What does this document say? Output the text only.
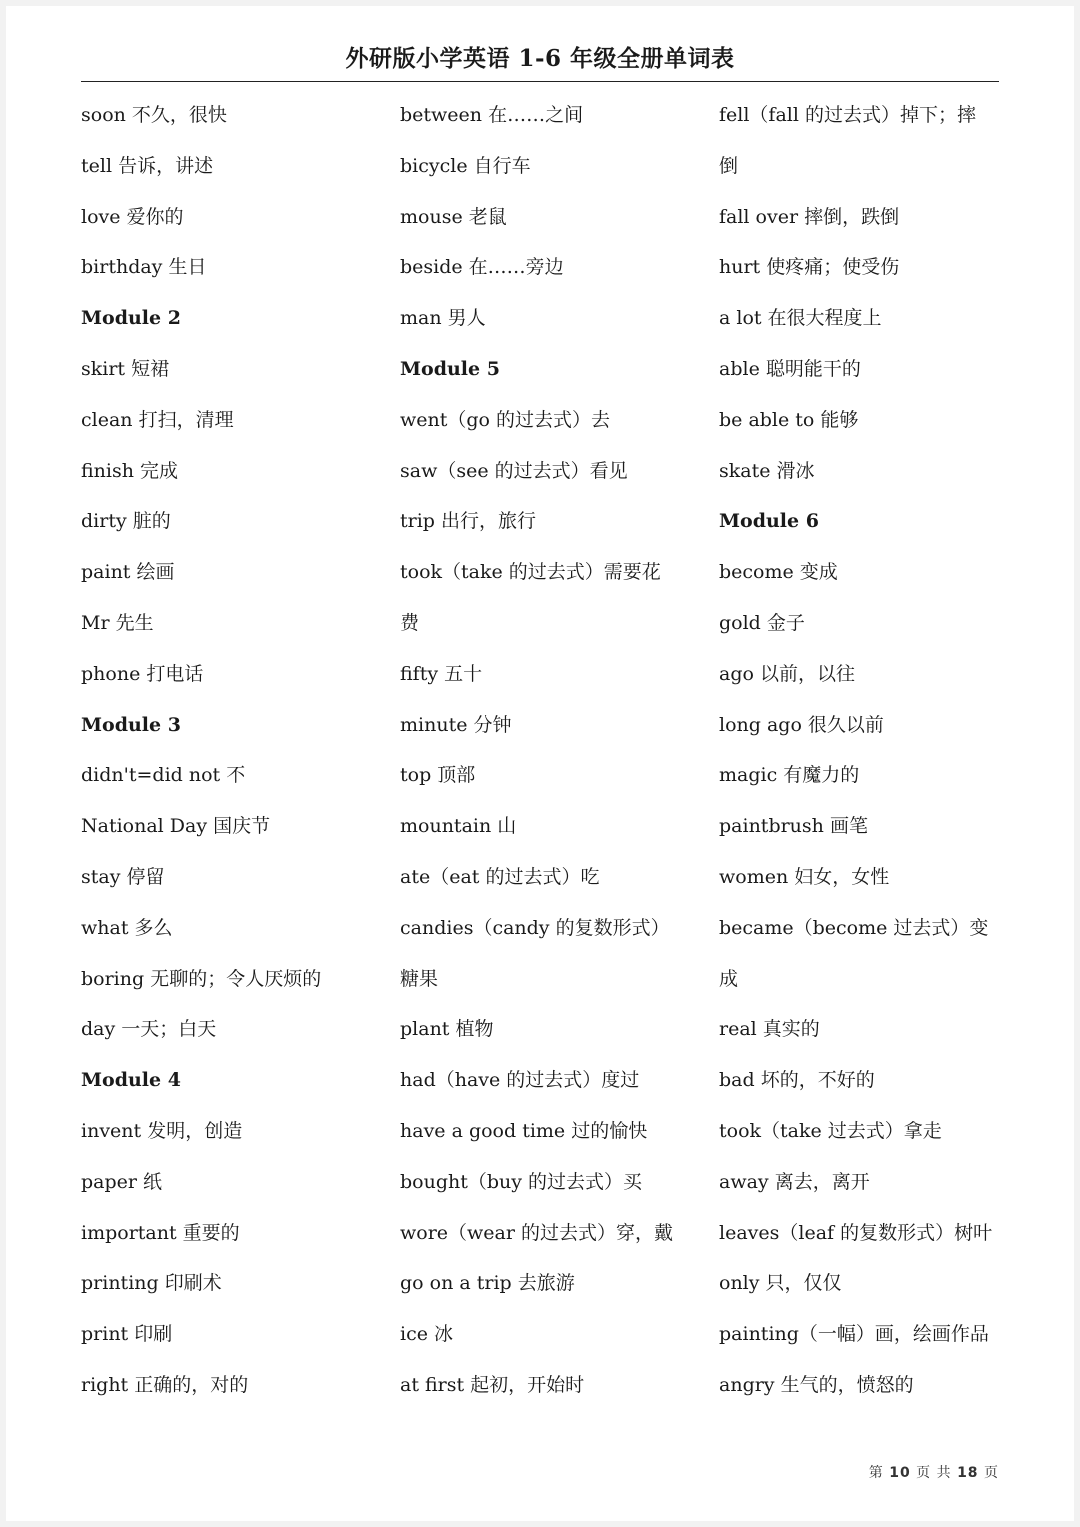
外研版小学英语 1-6 年级全册单词表
soon 不久，很快
tell 告诉，讲述
love 爱你的
birthday 生日
Module 2
skirt 短裙
clean 打扫，清理
finish 完成
dirty 脏的
paint 绘画
Mr 先生
phone 打电话
Module 3
didn't=did not 不
National Day 国庆节
stay 停留
what 多么
boring 无聊的；令人厌烦的
day 一天；白天
Module 4
invent 发明，创造
paper 纸
important 重要的
printing 印刷术
print 印刷
right 正确的，对的
between 在……之间
bicycle 自行车
mouse 老鼠
beside 在……旁边
man 男人
Module 5
went（go 的过去式）去
saw（see 的过去式）看见
trip 出行，旅行
took（take 的过去式）需要花
费
fifty 五十
minute 分钟
top 顶部
mountain 山
ate（eat 的过去式）吃
candies（candy 的复数形式）
糖果
plant 植物
had（have 的过去式）度过
have a good time 过的愉快
bought（buy 的过去式）买
wore（wear 的过去式）穿，戴
go on a trip 去旅游
ice 冰
at first 起初，开始时
fell（fall 的过去式）掉下；摔
倒
fall over 摔倒，跌倒
hurt 使疼痛；使受伤
a lot 在很大程度上
able 聪明能干的
be able to 能够
skate 滑冰
Module 6
become 变成
gold 金子
ago 以前，以往
long ago 很久以前
magic 有魔力的
paintbrush 画笔
women 妇女，女性
became（become 过去式）变
成
real 真实的
bad 坏的，不好的
took（take 过去式）拿走
away 离去，离开
leaves（leaf 的复数形式）树叶
only 只，仅仅
painting（一幅）画，绘画作品
angry 生气的，愤怒的
第 10 页 共 18 页
